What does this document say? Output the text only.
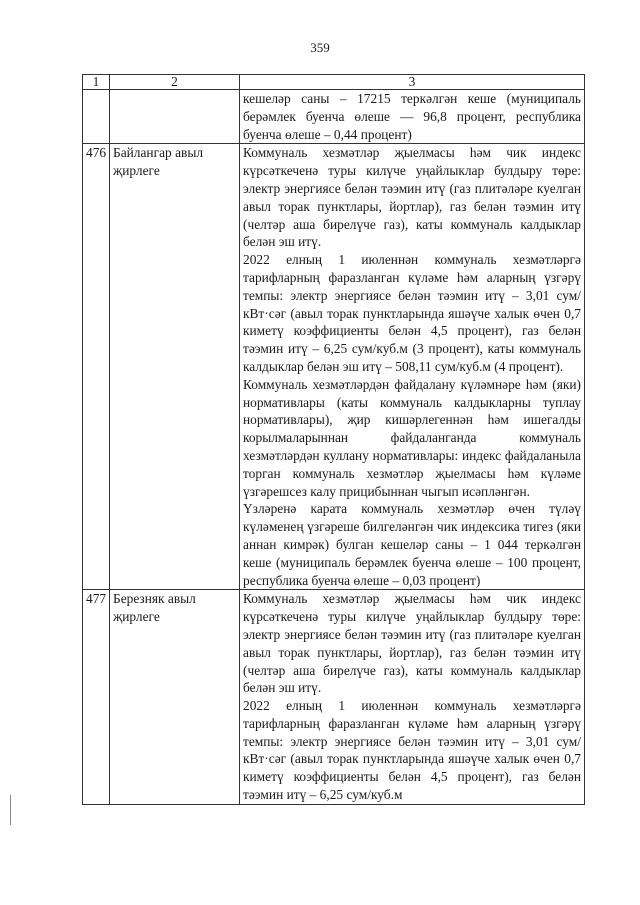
359
1	2	3

		кешеләр саны – 17215 теркәлгән кеше (муниципаль берәмлек буенча өлеше — 96,8 процент, республика буенча өлеше – 0,44 процент)

476	Байлангар авыл җирлеге	Коммуналь хезмәтләр җыелмасы һәм чик индекс күрсәткеченә туры килүче уңайлыклар булдыру төре: электр энергиясе белән тәэмин итү (газ плитәләре куелган авыл торак пунктлары, йортлар), газ белән тәэмин итү (челтәр аша бирелүче газ), каты коммуналь калдыклар белән эш итү.

2022 елның 1 июленнән коммуналь хезмәтләргә тарифларның фаразланган күләме һәм аларның үзгәрү темпы: электр энергиясе белән тәэмин итү – 3,01 сум/кВт·сәг (авыл торак пунктларында яшәүче халык өчен 0,7 киметү коэффициенты белән 4,5 процент), газ белән тәэмин итү – 6,25 сум/куб.м (3 процент), каты коммуналь калдыклар белән эш итү – 508,11 сум/куб.м (4 процент).

Коммуналь хезмәтләрдән файдалану күләмнәре һәм (яки) нормативлары (каты коммуналь калдыкларны туплау нормативлары), җир кишәрлегеннән һәм ишегалды корылмаларыннан файдаланганда коммуналь хезмәтләрдән куллану нормативлары: индекс файдаланыла торган коммуналь хезмәтләр җыелмасы һәм күләме үзгәрешсез калу прицибыннан чыгып исәпләнгән.

Үзләренә карата коммуналь хезмәтләр өчен түләү күләменең үзгәреше билгеләнгән чик индексика тигез (яки аннан кимрәк) булган кешеләр саны – 1 044 теркәлгән кеше (муниципаль берәмлек буенча өлеше – 100 процент, республика буенча өлеше – 0,03 процент)

477	Березняк авыл җирлеге	Коммуналь хезмәтләр җыелмасы һәм чик индекс күрсәткеченә туры килүче уңайлыклар булдыру төре: электр энергиясе белән тәэмин итү (газ плитәләре куелган авыл торак пунктлары, йортлар), газ белән тәэмин итү (челтәр аша бирелүче газ), каты коммуналь калдыклар белән эш итү.

2022 елның 1 июленнән коммуналь хезмәтләргә тарифларның фаразланган күләме һәм аларның үзгәрү темпы: электр энергиясе белән тәэмин итү – 3,01 сум/кВт·сәг (авыл торак пунктларында яшәүче халык өчен 0,7 киметү коэффициенты белән 4,5 процент), газ белән тәэмин итү – 6,25 сум/куб.м
